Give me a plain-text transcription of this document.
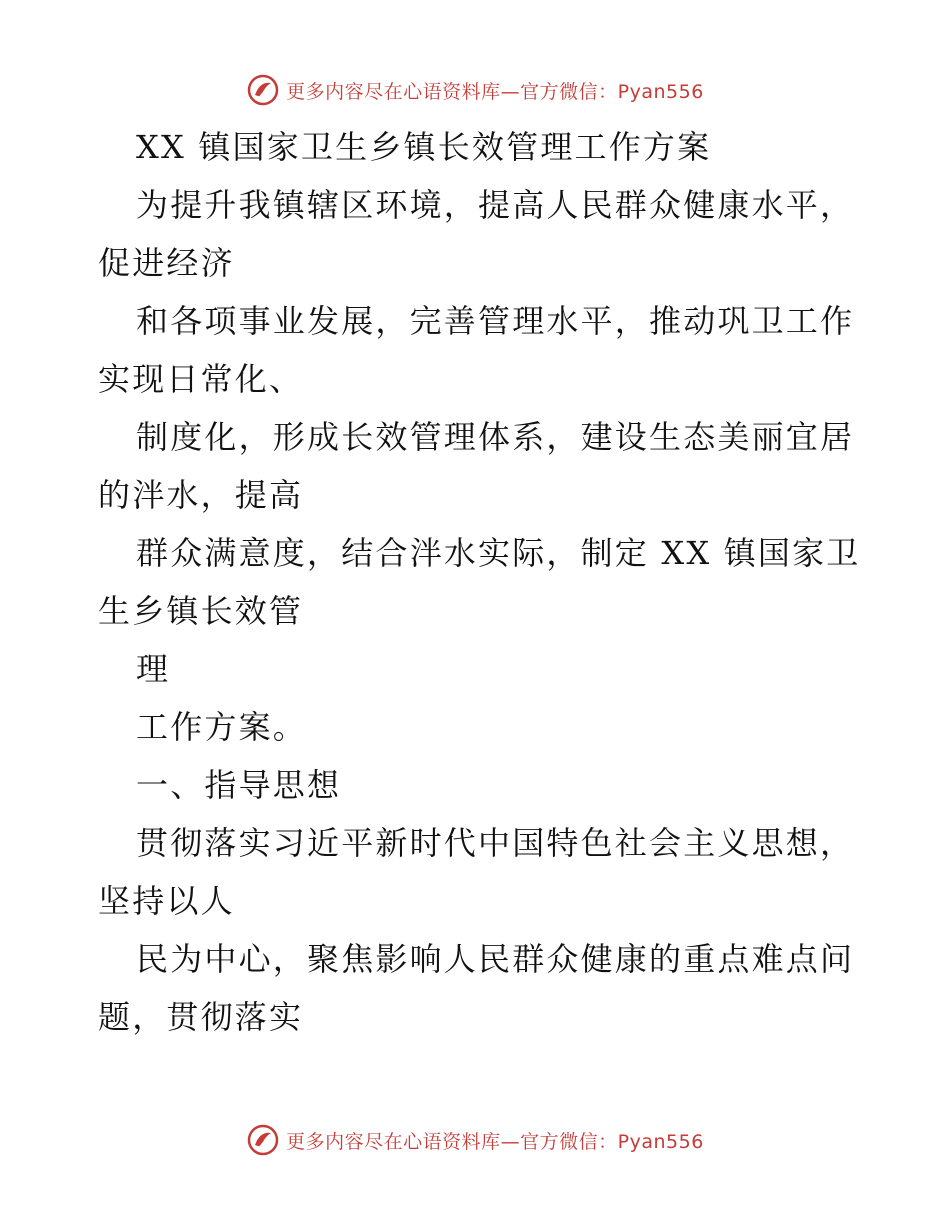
更多内容尽在心语资料库—官方微信：Pyan556
XX 镇国家卫生乡镇长效管理工作方案
为提升我镇辖区环境，提高人民群众健康水平，
促进经济
和各项事业发展，完善管理水平，推动巩卫工作
实现日常化、
制度化，形成长效管理体系，建设生态美丽宜居
的泮水，提高
群众满意度，结合泮水实际，制定 XX 镇国家卫
生乡镇长效管
理
工作方案。
一、指导思想
贯彻落实习近平新时代中国特色社会主义思想，
坚持以人
民为中心，聚焦影响人民群众健康的重点难点问
题，贯彻落实
更多内容尽在心语资料库—官方微信：Pyan556
